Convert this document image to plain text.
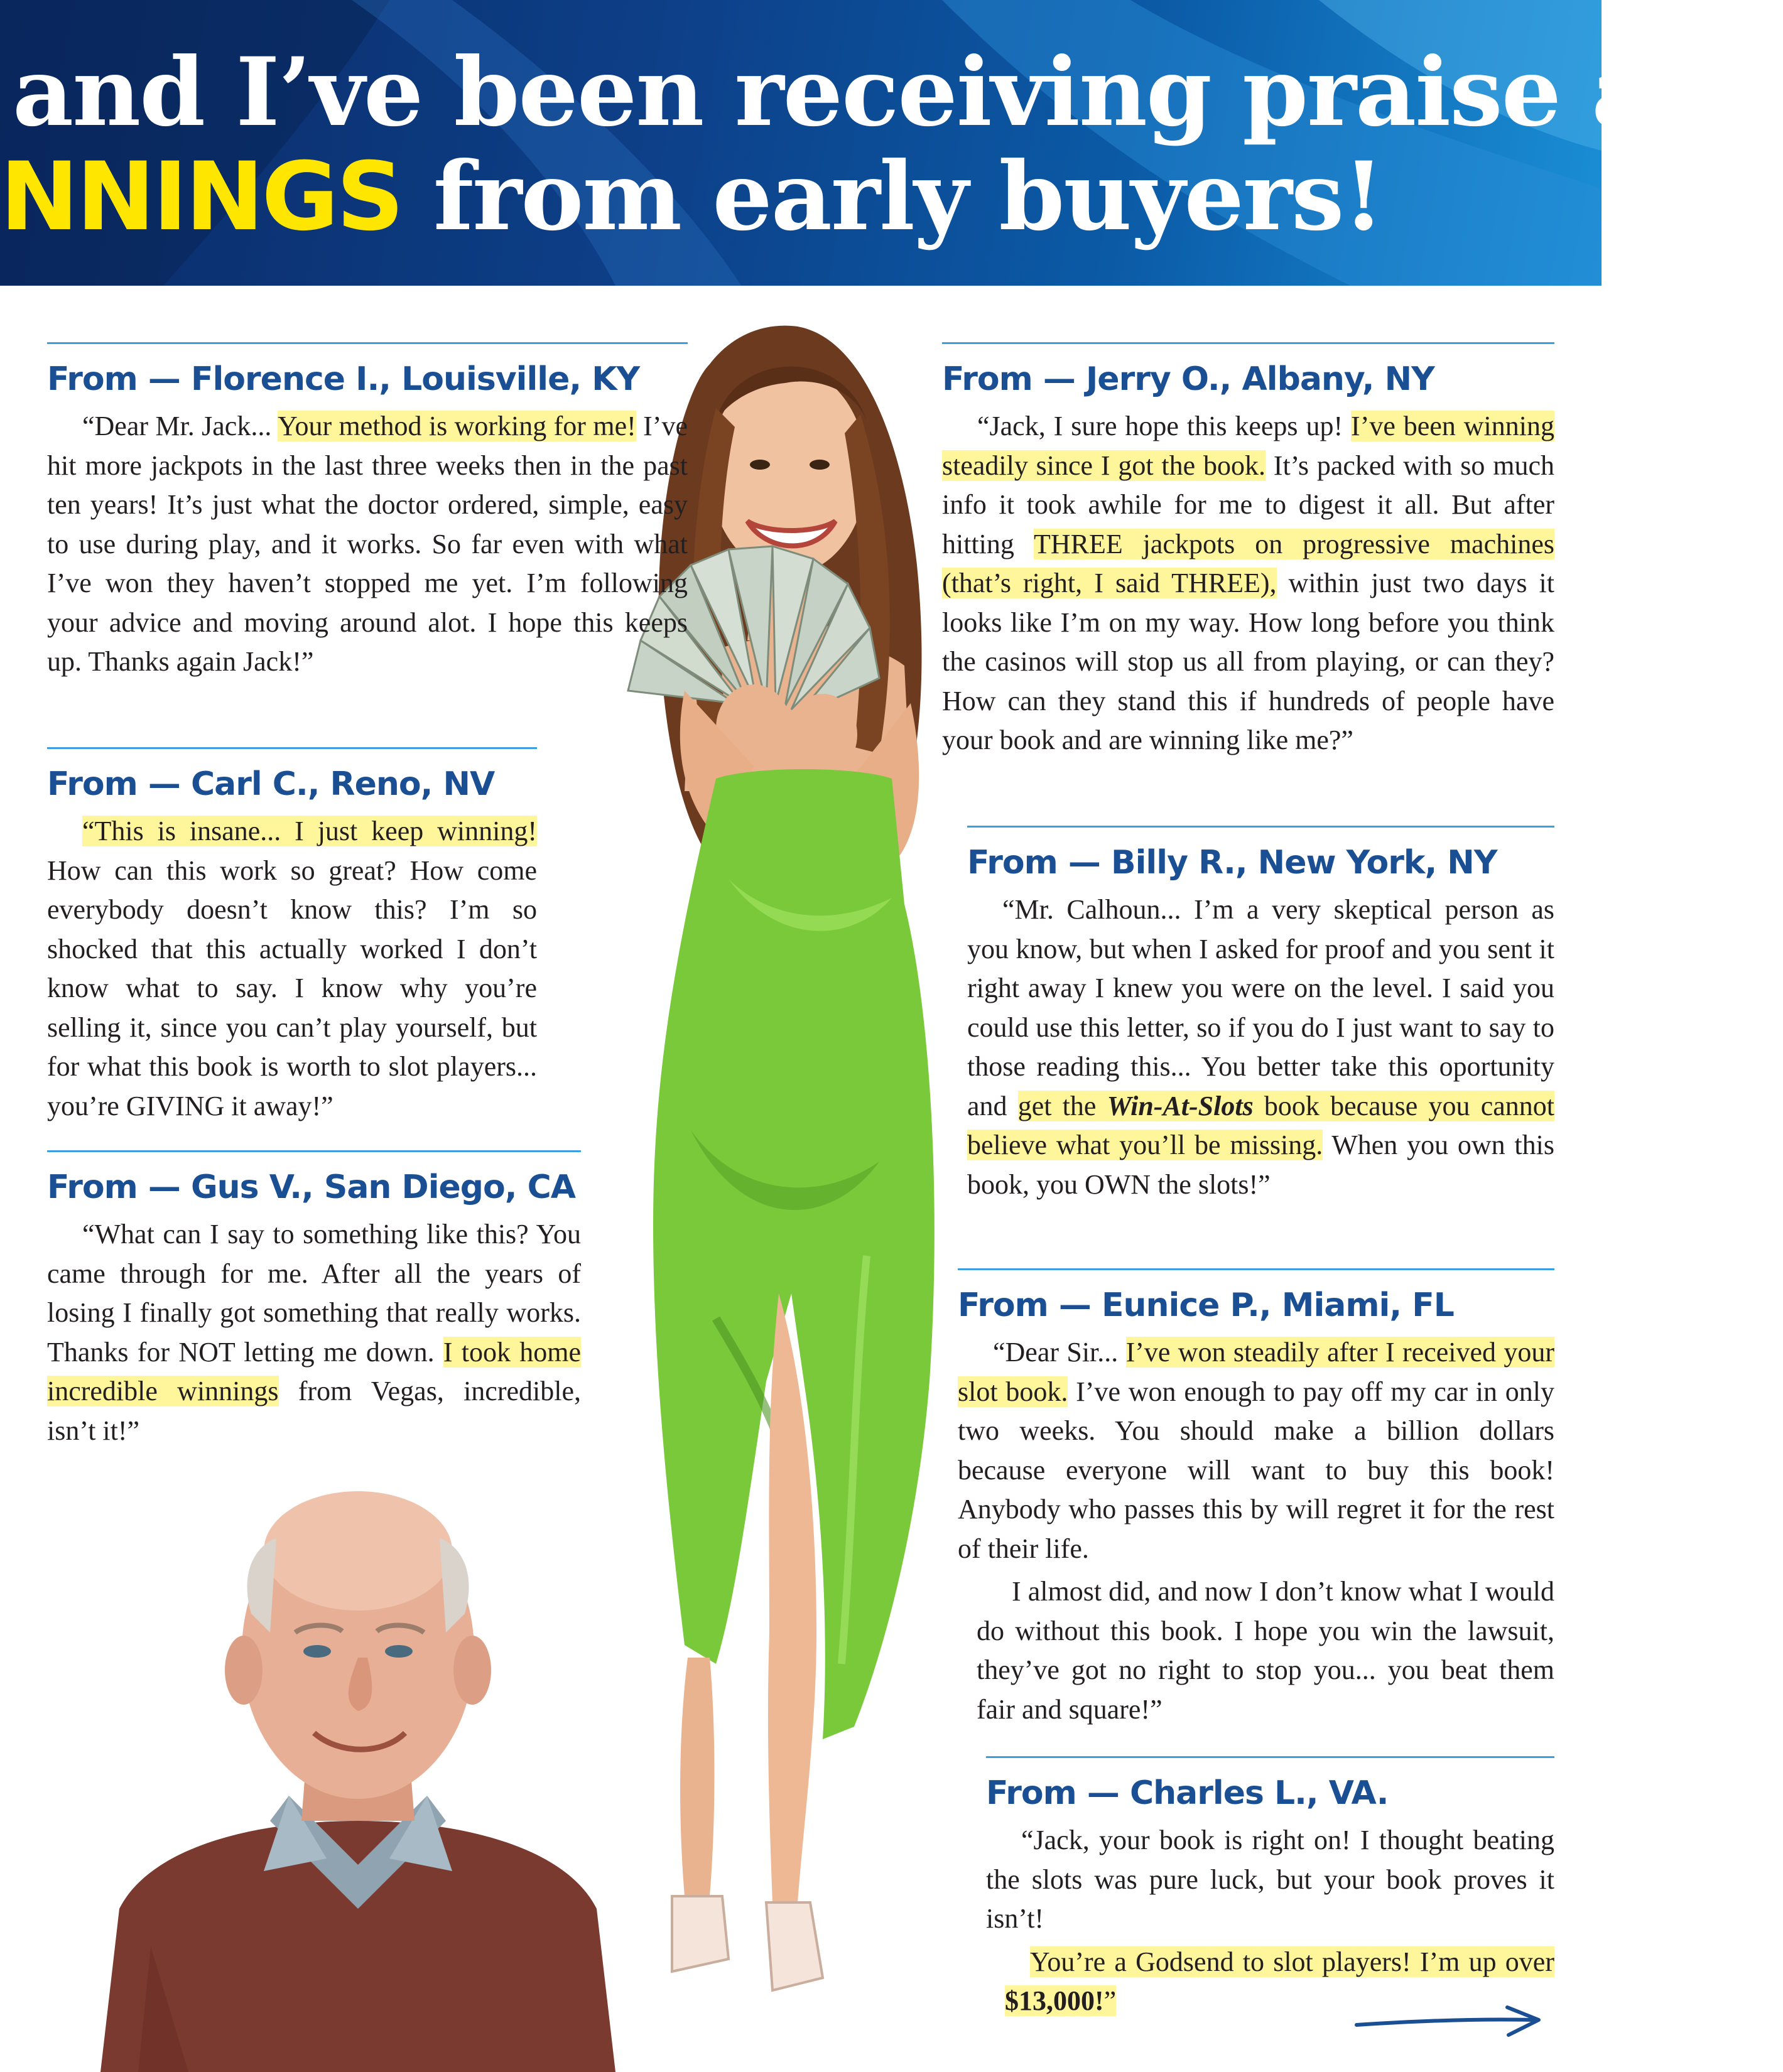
and I’ve been receiving praise and
NNINGS from early buyers!
From — Florence I., Louisville, KY

“Dear Mr. Jack... Your method is working for me! I’ve hit more jackpots in the last three weeks then in the past ten years! It’s just what the doctor ordered, simple, easy to use during play, and it works. So far even with what I’ve won they haven’t stopped me yet. I’m following your advice and moving around alot. I hope this keeps up. Thanks again Jack!”

From — Carl C., Reno, NV

“This is insane... I just keep winning! How can this work so great? How come everybody doesn’t know this? I’m so shocked that this actually worked I don’t know what to say. I know why you’re selling it, since you can’t play yourself, but for what this book is worth to slot players... you’re GIVING it away!”

From — Gus V., San Diego, CA

“What can I say to something like this? You came through for me. After all the years of losing I finally got something that really works. Thanks for NOT letting me down. I took home incredible winnings from Vegas, incredible, isn’t it!”

From — Jerry O., Albany, NY

“Jack, I sure hope this keeps up! I’ve been winning steadily since I got the book. It’s packed with so much info it took awhile for me to digest it all. But after hitting THREE jackpots on progressive machines (that’s right, I said THREE), within just two days it looks like I’m on my way. How long before you think the casinos will stop us all from playing, or can they? How can they stand this if hundreds of people have your book and are winning like me?”

From — Billy R., New York, NY

“Mr. Calhoun... I’m a very skeptical person as you know, but when I asked for proof and you sent it right away I knew you were on the level. I said you could use this letter, so if you do I just want to say to those reading this... You better take this oportunity and get the Win-At-Slots book because you cannot believe what you’ll be missing. When you own this book, you OWN the slots!”

From — Eunice P., Miami, FL

“Dear Sir... I’ve won steadily after I received your slot book. I’ve won enough to pay off my car in only two weeks. You should make a billion dollars because everyone will want to buy this book! Anybody who passes this by will regret it for the rest of their life.

I almost did, and now I don’t know what I would do without this book. I hope you win the lawsuit, they’ve got no right to stop you... you beat them fair and square!”

From — Charles L., VA.

“Jack, your book is right on! I thought beating the slots was pure luck, but your book proves it isn’t!

You’re a Godsend to slot players! I’m up over $13,000!”
